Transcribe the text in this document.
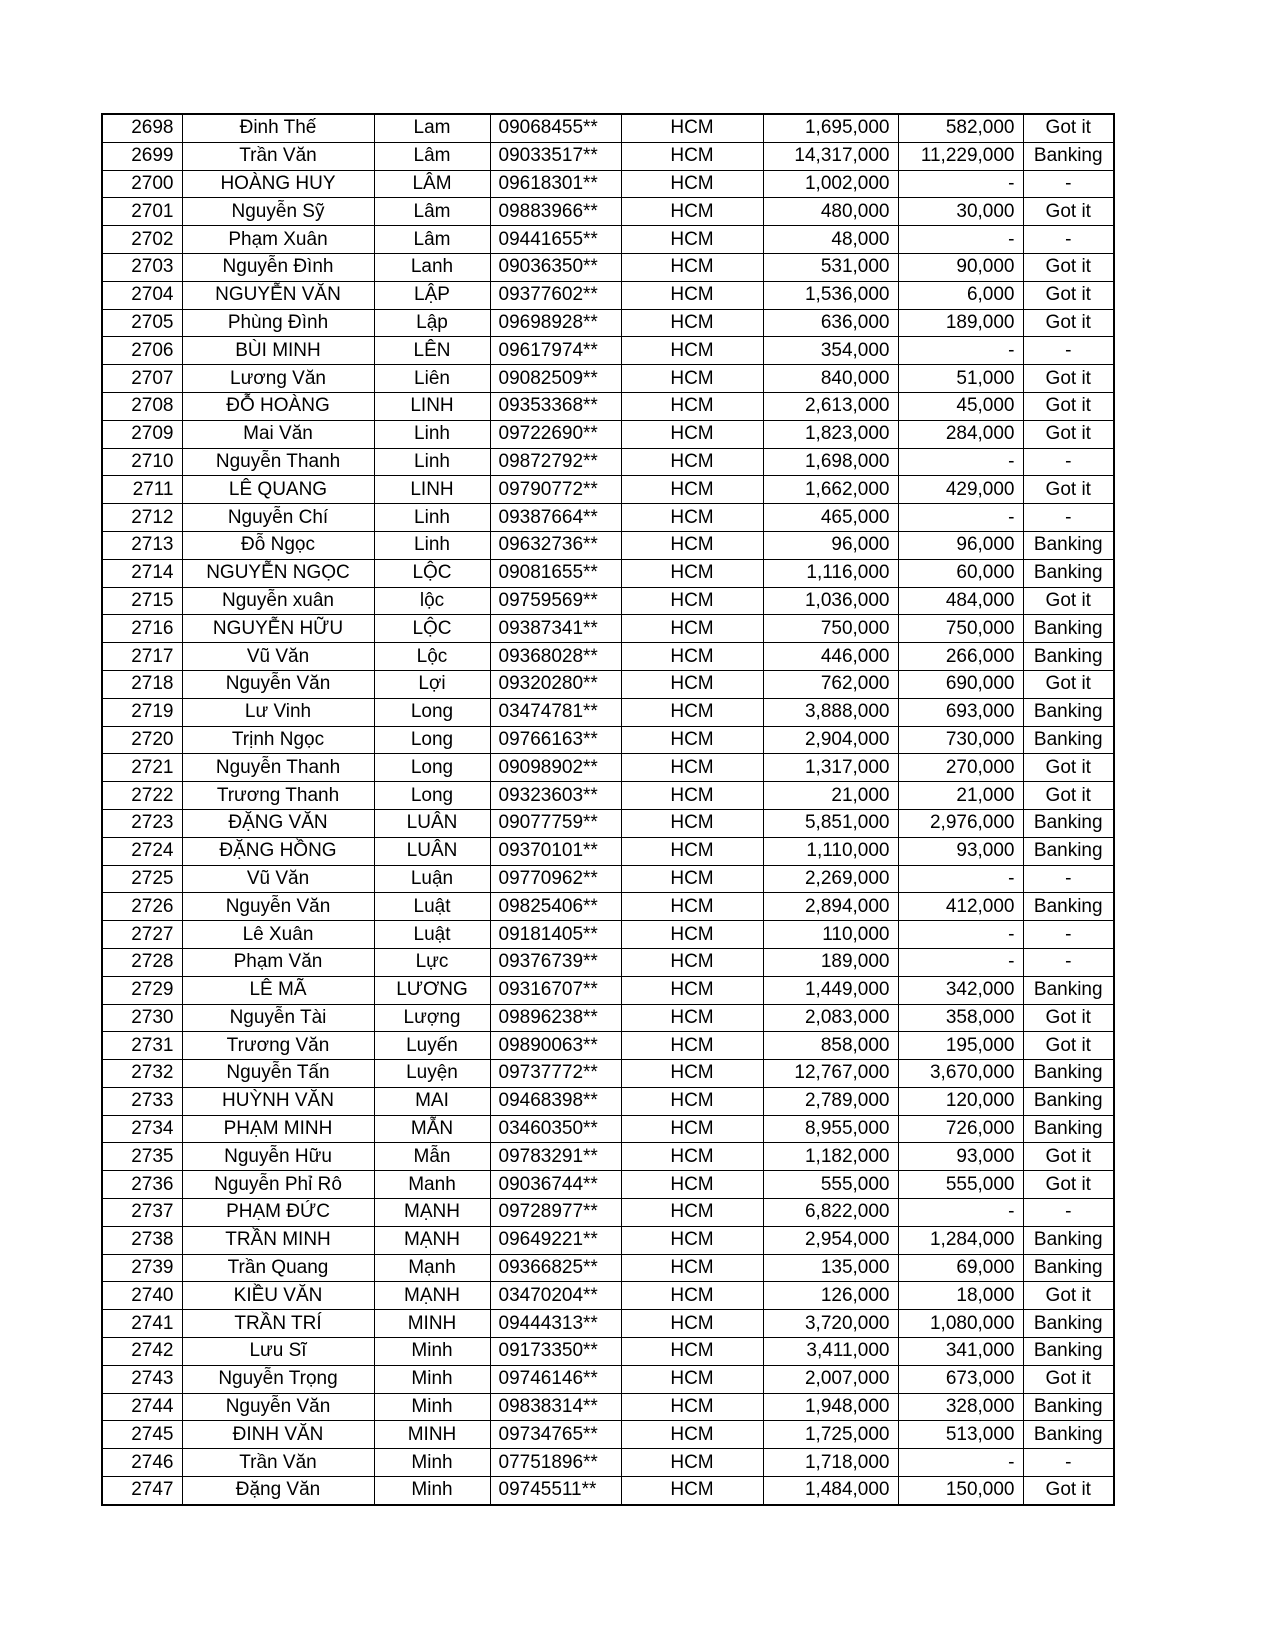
2698	Đinh Thế	Lam	09068455**	HCM	1,695,000	582,000	Got it
2699	Trần Văn	Lâm	09033517**	HCM	14,317,000	11,229,000	Banking
2700	HOÀNG HUY	LÂM	09618301**	HCM	1,002,000	-	-
2701	Nguyễn Sỹ	Lâm	09883966**	HCM	480,000	30,000	Got it
2702	Phạm Xuân	Lâm	09441655**	HCM	48,000	-	-
2703	Nguyễn Đình	Lanh	09036350**	HCM	531,000	90,000	Got it
2704	NGUYỄN VĂN	LẬP	09377602**	HCM	1,536,000	6,000	Got it
2705	Phùng Đình	Lập	09698928**	HCM	636,000	189,000	Got it
2706	BÙI MINH	LÊN	09617974**	HCM	354,000	-	-
2707	Lương Văn	Liên	09082509**	HCM	840,000	51,000	Got it
2708	ĐỖ HOÀNG	LINH	09353368**	HCM	2,613,000	45,000	Got it
2709	Mai Văn	Linh	09722690**	HCM	1,823,000	284,000	Got it
2710	Nguyễn Thanh	Linh	09872792**	HCM	1,698,000	-	-
2711	LÊ QUANG	LINH	09790772**	HCM	1,662,000	429,000	Got it
2712	Nguyễn Chí	Linh	09387664**	HCM	465,000	-	-
2713	Đỗ Ngọc	Linh	09632736**	HCM	96,000	96,000	Banking
2714	NGUYỄN NGỌC	LỘC	09081655**	HCM	1,116,000	60,000	Banking
2715	Nguyễn xuân	lộc	09759569**	HCM	1,036,000	484,000	Got it
2716	NGUYỄN HỮU	LỘC	09387341**	HCM	750,000	750,000	Banking
2717	Vũ Văn	Lộc	09368028**	HCM	446,000	266,000	Banking
2718	Nguyễn Văn	Lợi	09320280**	HCM	762,000	690,000	Got it
2719	Lư Vinh	Long	03474781**	HCM	3,888,000	693,000	Banking
2720	Trịnh Ngọc	Long	09766163**	HCM	2,904,000	730,000	Banking
2721	Nguyễn Thanh	Long	09098902**	HCM	1,317,000	270,000	Got it
2722	Trương Thanh	Long	09323603**	HCM	21,000	21,000	Got it
2723	ĐẶNG VĂN	LUÂN	09077759**	HCM	5,851,000	2,976,000	Banking
2724	ĐẶNG HỒNG	LUÂN	09370101**	HCM	1,110,000	93,000	Banking
2725	Vũ Văn	Luận	09770962**	HCM	2,269,000	-	-
2726	Nguyễn Văn	Luật	09825406**	HCM	2,894,000	412,000	Banking
2727	Lê Xuân	Luật	09181405**	HCM	110,000	-	-
2728	Phạm Văn	Lực	09376739**	HCM	189,000	-	-
2729	LÊ MÃ	LƯƠNG	09316707**	HCM	1,449,000	342,000	Banking
2730	Nguyễn Tài	Lượng	09896238**	HCM	2,083,000	358,000	Got it
2731	Trương Văn	Luyến	09890063**	HCM	858,000	195,000	Got it
2732	Nguyễn Tấn	Luyện	09737772**	HCM	12,767,000	3,670,000	Banking
2733	HUỲNH VĂN	MAI	09468398**	HCM	2,789,000	120,000	Banking
2734	PHẠM MINH	MẪN	03460350**	HCM	8,955,000	726,000	Banking
2735	Nguyễn Hữu	Mẫn	09783291**	HCM	1,182,000	93,000	Got it
2736	Nguyễn Phỉ Rô	Manh	09036744**	HCM	555,000	555,000	Got it
2737	PHẠM ĐỨC	MẠNH	09728977**	HCM	6,822,000	-	-
2738	TRẦN MINH	MẠNH	09649221**	HCM	2,954,000	1,284,000	Banking
2739	Trần Quang	Mạnh	09366825**	HCM	135,000	69,000	Banking
2740	KIỀU VĂN	MẠNH	03470204**	HCM	126,000	18,000	Got it
2741	TRẦN TRÍ	MINH	09444313**	HCM	3,720,000	1,080,000	Banking
2742	Lưu Sĩ	Minh	09173350**	HCM	3,411,000	341,000	Banking
2743	Nguyễn Trọng	Minh	09746146**	HCM	2,007,000	673,000	Got it
2744	Nguyễn Văn	Minh	09838314**	HCM	1,948,000	328,000	Banking
2745	ĐINH VĂN	MINH	09734765**	HCM	1,725,000	513,000	Banking
2746	Trần Văn	Minh	07751896**	HCM	1,718,000	-	-
2747	Đặng Văn	Minh	09745511**	HCM	1,484,000	150,000	Got it
